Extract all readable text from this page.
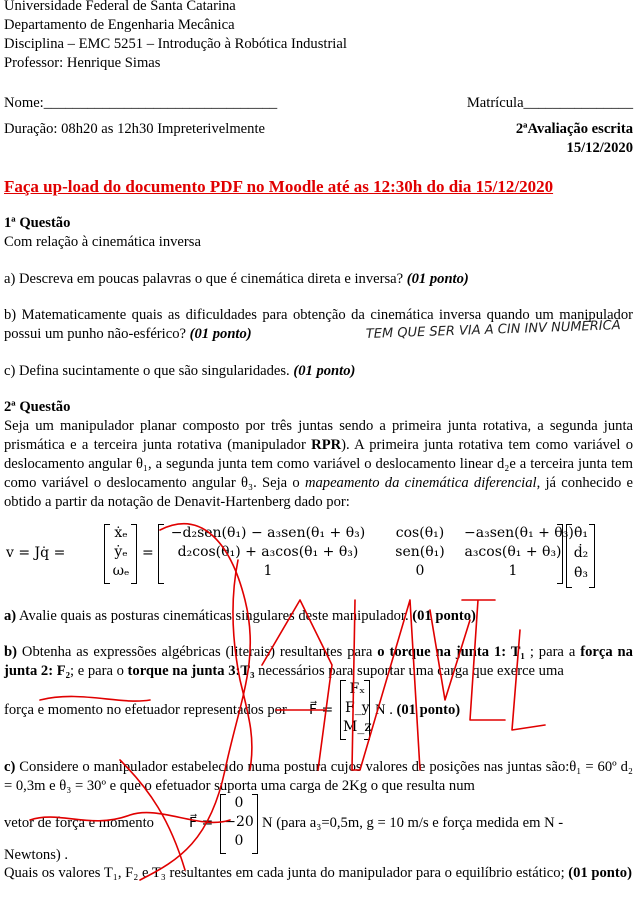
Universidade Federal de Santa Catarina
Departamento de Engenharia Mecânica
Disciplina – EMC 5251 – Introdução à Robótica Industrial
Professor: Henrique Simas
Nome:________________________________	Matrícula_______________
Duração: 08h20 as 12h30 Impreterivelmente	2ªAvaliação escrita
15/12/2020
Faça up-load do documento PDF no Moodle até as 12:30h do dia 15/12/2020
1ª Questão
Com relação à cinemática inversa
a) Descreva em poucas palavras o que é cinemática direta e inversa? (01 ponto)
b) Matematicamente quais as dificuldades para obtenção da cinemática inversa quando um manipulador possui um punho não-esférico? (01 ponto)
c) Defina sucintamente o que são singularidades. (01 ponto)
2ª Questão
Seja um manipulador planar composto por três juntas sendo a primeira junta rotativa, a segunda junta prismática e a terceira junta rotativa (manipulador RPR). A primeira junta rotativa tem como variável o deslocamento angular θ₁, a segunda junta tem como variável o deslocamento linear d₂e a terceira junta tem como variável o deslocamento angular θ₃. Seja o mapeamento da cinemática diferencial, já conhecido e obtido a partir da notação de Denavit-Hartenberg dado por:
v = Jq̇ =
ẋₑ
ẏₑ
ωₑ
=
−d₂sen(θ₁) − a₃sen(θ₁ + θ₃)	cos(θ₁)	−a₃sen(θ₁ + θ₃)
d₂cos(θ₁) + a₃cos(θ₁ + θ₃)	sen(θ₁)	a₃cos(θ₁ + θ₃)
1	0	1
θ̇₁
ḋ₂
θ̇₃
a) Avalie quais as posturas cinemáticas singulares deste manipulador. (01 ponto)
b) Obtenha as expressões algébricas (literais) resultantes para o torque na junta 1: T₁ ; para a força na junta 2: F₂; e para o torque na junta 3:T₃ necessários para suportar uma carga que exerce uma
força e momento no efetuador representados por F⃗ =
Fₓ
F_y
M_z
N . (01 ponto)
c) Considere o manipulador estabelecido numa postura cujos valores de posições nas juntas são:θ₁ = 60º d₂ = 0,3m e θ₃ = 30º e que o efetuador suporta uma carga de 2Kg o que resulta num
vetor de força e momento	F⃗ =
0
−20
0
N (para a₃=0,5m, g = 10 m/s e força medida em N -
Newtons) .
Quais os valores T₁, F₂ e T₃ resultantes em cada junta do manipulador para o equilíbrio estático; (01 ponto)
TEM QUE SER VIA A CIN INV NUMÉRICA
